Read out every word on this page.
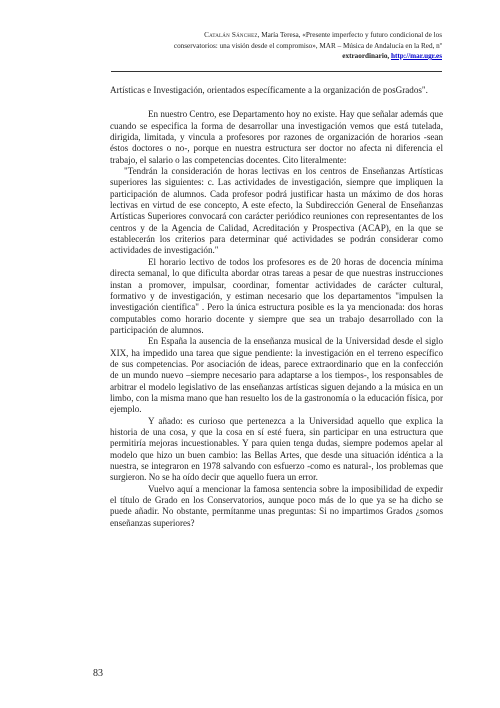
Catalán Sánchez, María Teresa, «Presente imperfecto y futuro condicional de los
conservatorios: una visión desde el compromiso», MAR – Música de Andalucía en la Red, nº
extraordinario, http://mar.ugr.es

Artísticas e Investigación, orientados específicamente a la organización de posGrados".

En nuestro Centro, ese Departamento hoy no existe. Hay que señalar además que cuando se especifica la forma de desarrollar una investigación vemos que está tutelada, dirigida, limitada, y vincula a profesores por razones de organización de horarios -sean éstos doctores o no-, porque en nuestra estructura ser doctor no afecta ni diferencia el trabajo, el salario o las competencias docentes. Cito literalmente:

"Tendrán la consideración de horas lectivas en los centros de Enseñanzas Artísticas superiores las siguientes: c. Las actividades de investigación, siempre que impliquen la participación de alumnos. Cada profesor podrá justificar hasta un máximo de dos horas lectivas en virtud de ese concepto, A este efecto, la Subdirección General de Enseñanzas Artísticas Superiores convocará con carácter periódico reuniones con representantes de los centros y de la Agencia de Calidad, Acreditación y Prospectiva (ACAP), en la que se establecerán los criterios para determinar qué actividades se podrán considerar como actividades de investigación."

El horario lectivo de todos los profesores es de 20 horas de docencia mínima directa semanal, lo que dificulta abordar otras tareas a pesar de que nuestras instrucciones instan a promover, impulsar, coordinar, fomentar actividades de carácter cultural, formativo y de investigación, y estiman necesario que los departamentos "impulsen la investigación científica" . Pero la única estructura posible es la ya mencionada: dos horas computables como horario docente y siempre que sea un trabajo desarrollado con la participación de alumnos.

En España la ausencia de la enseñanza musical de la Universidad desde el siglo XIX, ha impedido una tarea que sigue pendiente: la investigación en el terreno específico de sus competencias. Por asociación de ideas, parece extraordinario que en la confección de un mundo nuevo –siempre necesario para adaptarse a los tiempos-, los responsables de arbitrar el modelo legislativo de las enseñanzas artísticas siguen dejando a la música en un limbo, con la misma mano que han resuelto los de la gastronomía o la educación física, por ejemplo.

Y añado: es curioso que pertenezca a la Universidad aquello que explica la historia de una cosa, y que la cosa en sí esté fuera, sin participar en una estructura que permitiría mejoras incuestionables. Y para quien tenga dudas, siempre podemos apelar al modelo que hizo un buen cambio: las Bellas Artes, que desde una situación idéntica a la nuestra, se integraron en 1978 salvando con esfuerzo -como es natural-, los problemas que surgieron. No se ha oído decir que aquello fuera un error.

Vuelvo aquí a mencionar la famosa sentencia sobre la imposibilidad de expedir el título de Grado en los Conservatorios, aunque poco más de lo que ya se ha dicho se puede añadir. No obstante, permítanme unas preguntas: Si no impartimos Grados ¿somos enseñanzas superiores?

83
